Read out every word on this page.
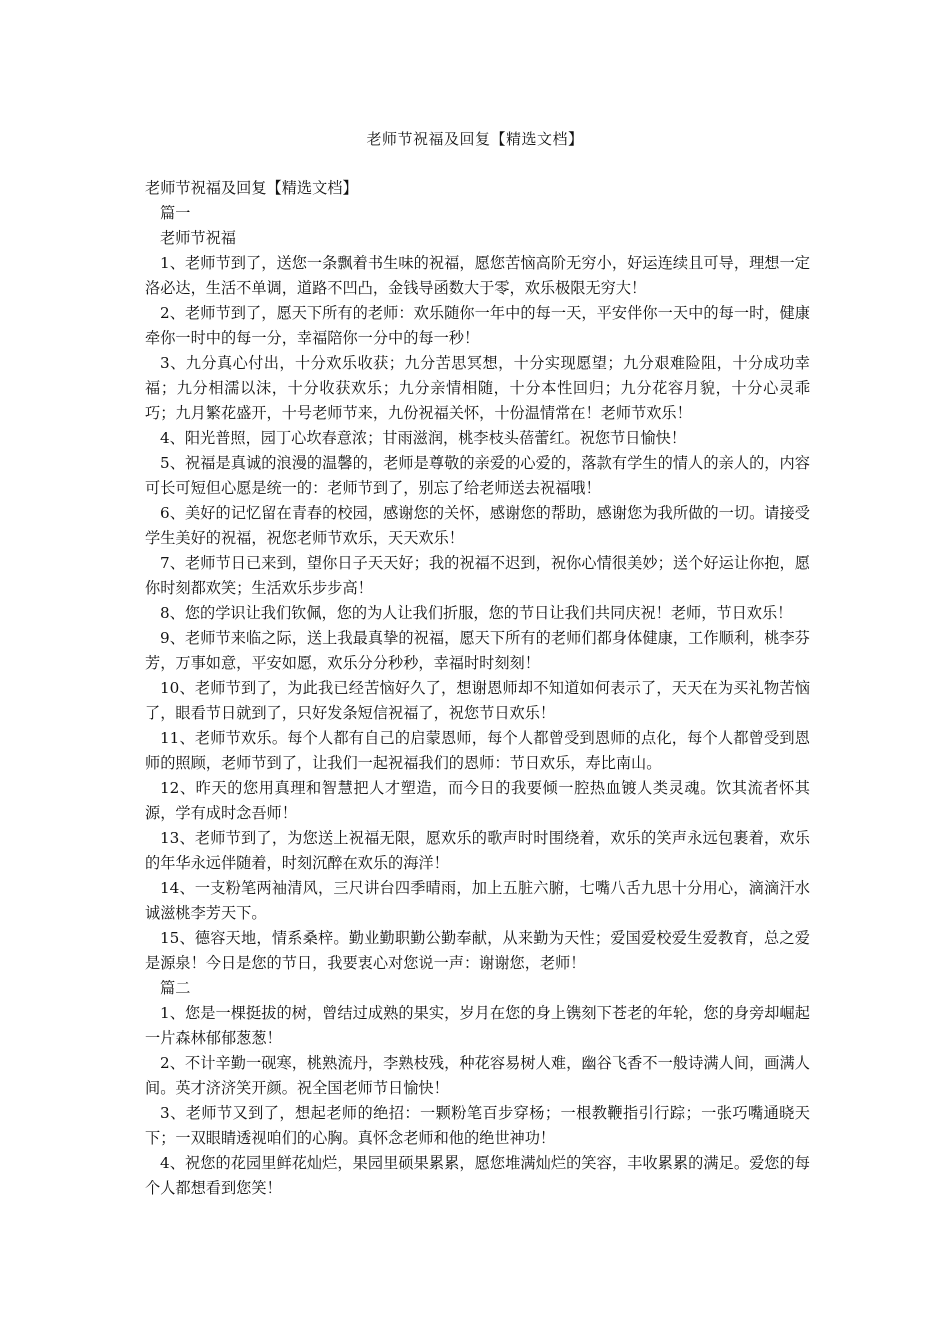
老师节祝福及回复【精选文档】

老师节祝福及回复【精选文档】

篇一

老师节祝福

1、老师节到了，送您一条飘着书生味的祝福，愿您苦恼高阶无穷小，好运连续且可导，理想一定洛必达，生活不单调，道路不凹凸，金钱导函数大于零，欢乐极限无穷大！

2、老师节到了，愿天下所有的老师：欢乐随你一年中的每一天，平安伴你一天中的每一时，健康牵你一时中的每一分，幸福陪你一分中的每一秒！

3、九分真心付出，十分欢乐收获；九分苦思冥想，十分实现愿望；九分艰难险阻，十分成功幸福；九分相濡以沫，十分收获欢乐；九分亲情相随，十分本性回归；九分花容月貌，十分心灵乖巧；九月繁花盛开，十号老师节来，九份祝福关怀，十份温情常在！老师节欢乐！

4、阳光普照，园丁心坎春意浓；甘雨滋润，桃李枝头蓓蕾红。祝您节日愉快！

5、祝福是真诚的浪漫的温馨的，老师是尊敬的亲爱的心爱的，落款有学生的情人的亲人的，内容可长可短但心愿是统一的：老师节到了，别忘了给老师送去祝福哦！

6、美好的记忆留在青春的校园，感谢您的关怀，感谢您的帮助，感谢您为我所做的一切。请接受学生美好的祝福，祝您老师节欢乐，天天欢乐！

7、老师节日已来到，望你日子天天好；我的祝福不迟到，祝你心情很美妙；送个好运让你抱，愿你时刻都欢笑；生活欢乐步步高！

8、您的学识让我们钦佩，您的为人让我们折服，您的节日让我们共同庆祝！老师，节日欢乐！

9、老师节来临之际，送上我最真挚的祝福，愿天下所有的老师们都身体健康，工作顺利，桃李芬芳，万事如意，平安如愿，欢乐分分秒秒，幸福时时刻刻！

10、老师节到了，为此我已经苦恼好久了，想谢恩师却不知道如何表示了，天天在为买礼物苦恼了，眼看节日就到了，只好发条短信祝福了，祝您节日欢乐！

11、老师节欢乐。每个人都有自己的启蒙恩师，每个人都曾受到恩师的点化，每个人都曾受到恩师的照顾，老师节到了，让我们一起祝福我们的恩师：节日欢乐，寿比南山。

12、昨天的您用真理和智慧把人才塑造，而今日的我要倾一腔热血镀人类灵魂。饮其流者怀其源，学有成时念吾师！

13、老师节到了，为您送上祝福无限，愿欢乐的歌声时时围绕着，欢乐的笑声永远包裹着，欢乐的年华永远伴随着，时刻沉醉在欢乐的海洋！

14、一支粉笔两袖清风，三尺讲台四季晴雨，加上五脏六腑，七嘴八舌九思十分用心，滴滴汗水诚滋桃李芳天下。

15、德容天地，情系桑梓。勤业勤职勤公勤奉献，从来勤为天性；爱国爱校爱生爱教育，总之爱是源泉！今日是您的节日，我要衷心对您说一声：谢谢您，老师！

篇二

1、您是一棵挺拔的树，曾结过成熟的果实，岁月在您的身上镌刻下苍老的年轮，您的身旁却崛起一片森林郁郁葱葱！

2、不计辛勤一砚寒，桃熟流丹，李熟枝残，种花容易树人难，幽谷飞香不一般诗满人间，画满人间。英才济济笑开颜。祝全国老师节日愉快！

3、老师节又到了，想起老师的绝招：一颗粉笔百步穿杨；一根教鞭指引行踪；一张巧嘴通晓天下；一双眼睛透视咱们的心胸。真怀念老师和他的绝世神功！

4、祝您的花园里鲜花灿烂，果园里硕果累累，愿您堆满灿烂的笑容，丰收累累的满足。爱您的每个人都想看到您笑！
